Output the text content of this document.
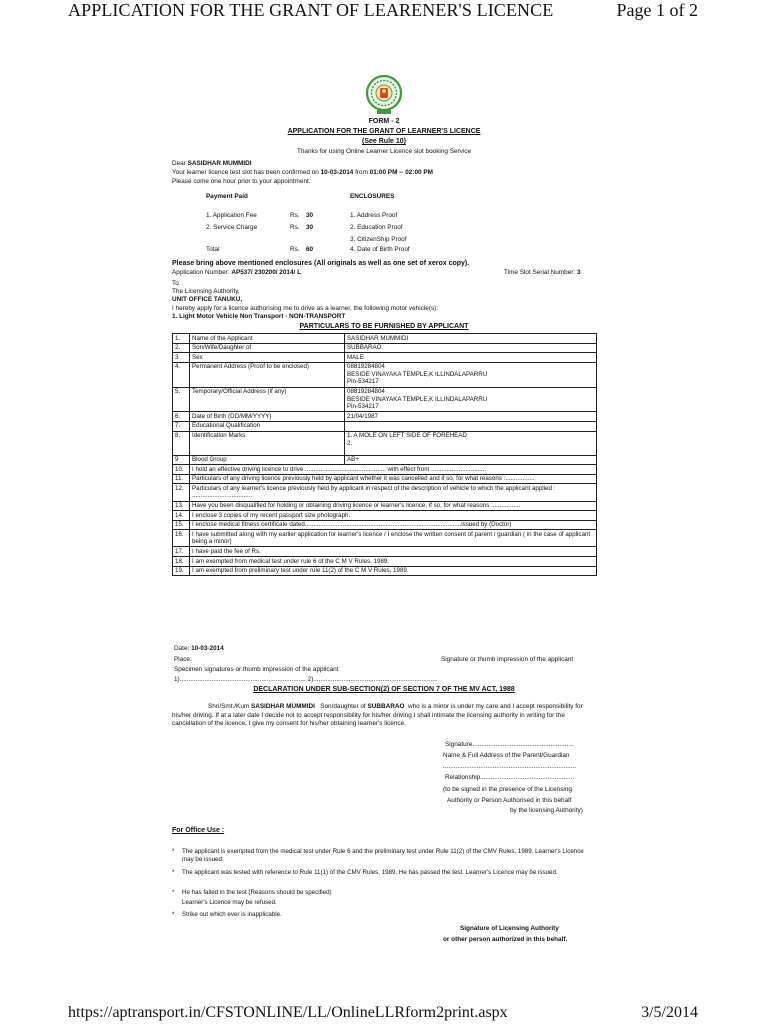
APPLICATION FOR THE GRANT OF LEARENER'S LICENCE	Page 1 of 2
https://aptransport.in/CFSTONLINE/LL/OnlineLLRform2print.aspx	3/5/2014
FORM - 2
APPLICATION FOR THE GRANT OF LEARNER'S LICENCE
(See Rule 10)
Thanks for using Online Learner Licence slot booking Service
Dear SASIDHAR MUMMIDI
Your learner licence test slot has been confirmed on 10-03-2014 from 01:00 PM -- 02:00 PM
Please come one hour prior to your appointment.
Payment Paid	ENCLOSURES
1. Application Fee	Rs. 30
2. Service Charge	Rs. 30
Total	Rs. 60
1. Address Proof
2. Education Proof
3. CitizenShip Proof
4. Date of Birth Proof
Please bring above mentioned enclosures (All originals as well as one set of xerox copy).
Application Number: AP537/ 230200/ 2014/ L	Time Slot Serial Number: 3
To
The Licensing Authority,
UNIT OFFICE TANUKU,
I hereby apply for a licence authorising me to drive as a learner, the following motor vehicle(s):
1. Light Motor Vehicle Non Transport - NON-TRANSPORT
PARTICULARS TO BE FURNISHED BY APPLICANT
1.	Name of the Applicant	SASIDHAR MUMMIDI
2.	Son/Wife/Daughter of	SUBBARAO
3	Sex	MALE
4.	Permanent Address (Proof to be enclosed)	08819284804
BESIDE VINAYAKA TEMPLE,K ILLINDALAPARRU
Pin-534217
5.	Temporary/Official Address (if any)	08819284804
BESIDE VINAYAKA TEMPLE,K ILLINDALAPARRU
Pin-534217
6.	Date of Birth (DD/MM/YYYY)	21/04/1987
7.	Educational Qualification	
8.	Identification Marks	1. A MOLE ON LEFT SIDE OF FOREHEAD
2.
9	Blood Group	AB+
10.	I hold an effective driving licence to drive ............................................... with effect from ................................	
11.	Particulars of any driving licence previously held by applicant whether it was cancelled and if so, for what reasons :.................	
12.	Particulars of any learner's licence previously held by applicant in respect of the description of vehicle to which the applicant applied : ...................................	
13.	Have you been disqualified for holding or obtaining driving licence or learner's licence, if so, for what reasons :................	
14.	I enclose 3 copies of my recent passport size photograph.	
15.	I enclose medical fitness certificate dated...........................................................................................issued by (Doctor)	
16.	I have submitted along with my earlier application for learner's licence / I enclose the written consent of parent / guardian ( in the case of applicant being a minor)	
17.	I have paid the fee of Rs.	
18.	I am exempted from medical test under rule 6 of the C M V Rules, 1989.	
19.	I am exempted from preliminary test under rule 11(2) of the C M V Rules, 1989.	
Date: 10-03-2014
Place:	Signature or thumb impression of the applicant
Specimen signatures or thumb impression of the applicant
1)....................................................................... 2)......................................................................
DECLARATION UNDER SUB-SECTION(2) OF SECTION 7 OF THE MV ACT, 1988
Shri/Smt./Kum SASIDHAR MUMMIDI Son/daughter of SUBBARAO who is a minor is under my care and I accept responsibility for his/her driving. If at a later date I decide not to accept responsibility for his/her driving I shall intimate the licensing authority in writing for the cancellation of the licence. I give my consent for his/her obtaining learner's licence.
Signature.........................................................
Name & Full Address of the Parent/Guardian
...........................................................................
Relationship.....................................................
(to be signed in the presence of the Licensing
Authority or Person Authorised in this behalf
by the licensing Authority)
For Office Use :
* The applicant is exempted from the medical test under Rule 6 and the preliminary test under Rule 11(2) of the CMV Rules, 1989. Learner's Licence may be issued.
* The applicant was tested with reference to Rule 11(1) of the CMV Rules, 1989. He has passed the test. Learner's Licence may be issued.
* He has failed in the test (Reasons should be specified)
Learner's Licence may be refused.
* Strike out which ever is inapplicable.
Signature of Licensing Authority
or other person authorized in this behalf.
